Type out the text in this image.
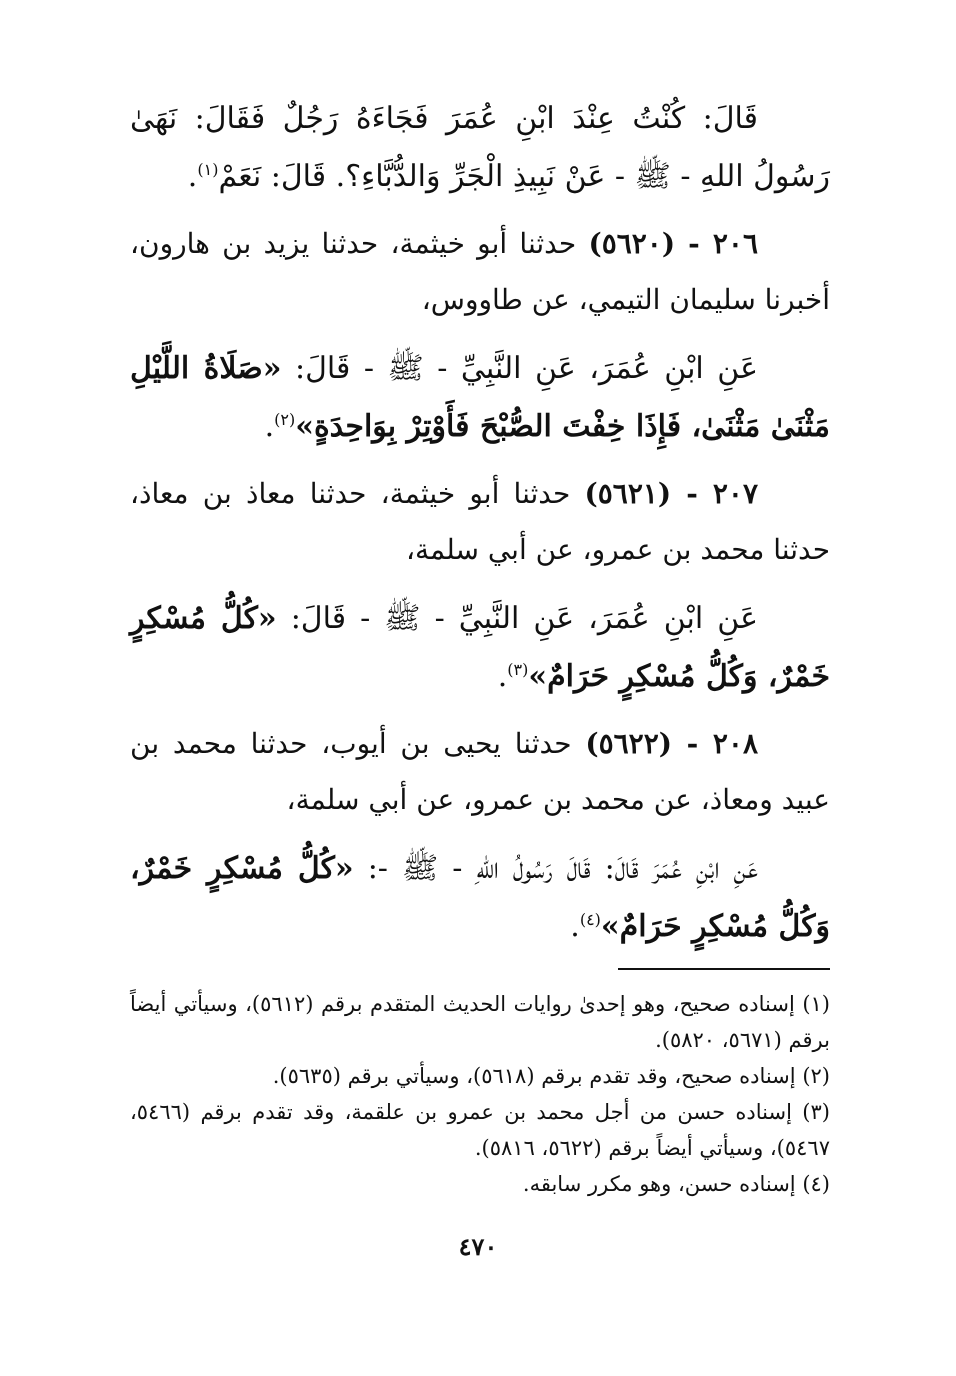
قَالَ: كُنْتُ عِنْدَ ابْنِ عُمَرَ فَجَاءَهُ رَجُلٌ فَقَالَ: نَهَىٰ رَسُولُ اللهِ - ﷺ - عَنْ نَبِيذِ الْجَرِّ وَالدُّبَّاءِ؟. قَالَ: نَعَمْ$^{(١)}$.

٢٠٦ - (٥٦٢٠) حدثنا أبو خيثمة، حدثنا يزيد بن هارون، أخبرنا سليمان التيمي، عن طاووس،

عَنِ ابْنِ عُمَرَ، عَنِ النَّبِيِّ - ﷺ - قَالَ: «صَلَاةُ اللَّيْلِ مَثْنَىٰ مَثْنَىٰ، فَإِذَا خِفْتَ الصُّبْحَ فَأَوْتِرْ بِوَاحِدَةٍ»$^{(٢)}$.

٢٠٧ - (٥٦٢١) حدثنا أبو خيثمة، حدثنا معاذ بن معاذ، حدثنا محمد بن عمرو، عن أبي سلمة،

عَنِ ابْنِ عُمَرَ، عَنِ النَّبِيِّ - ﷺ - قَالَ: «كُلُّ مُسْكِرٍ خَمْرٌ، وَكُلُّ مُسْكِرٍ حَرَامٌ»$^{(٣)}$.

٢٠٨ - (٥٦٢٢) حدثنا يحيى بن أيوب، حدثنا محمد بن عبيد ومعاذ، عن محمد بن عمرو، عن أبي سلمة،

عَنِ ابْنِ عُمَرَ قَالَ: قَالَ رَسُولُ اللهِ - ﷺ -: «كُلُّ مُسْكِرٍ خَمْرٌ، وَكُلُّ مُسْكِرٍ حَرَامٌ»$^{(٤)}$.

(١) إسناده صحيح، وهو إحدىٰ روايات الحديث المتقدم برقم (٥٦١٢)، وسيأتي أيضاً برقم (٥٦٧١، ٥٨٢٠).

(٢) إسناده صحيح، وقد تقدم برقم (٥٦١٨)، وسيأتي برقم (٥٦٣٥).

(٣) إسناده حسن من أجل محمد بن عمرو بن علقمة، وقد تقدم برقم (٥٤٦٦، ٥٤٦٧)، وسيأتي أيضاً برقم (٥٦٢٢، ٥٨١٦).

(٤) إسناده حسن، وهو مكرر سابقه.

٤٧٠
